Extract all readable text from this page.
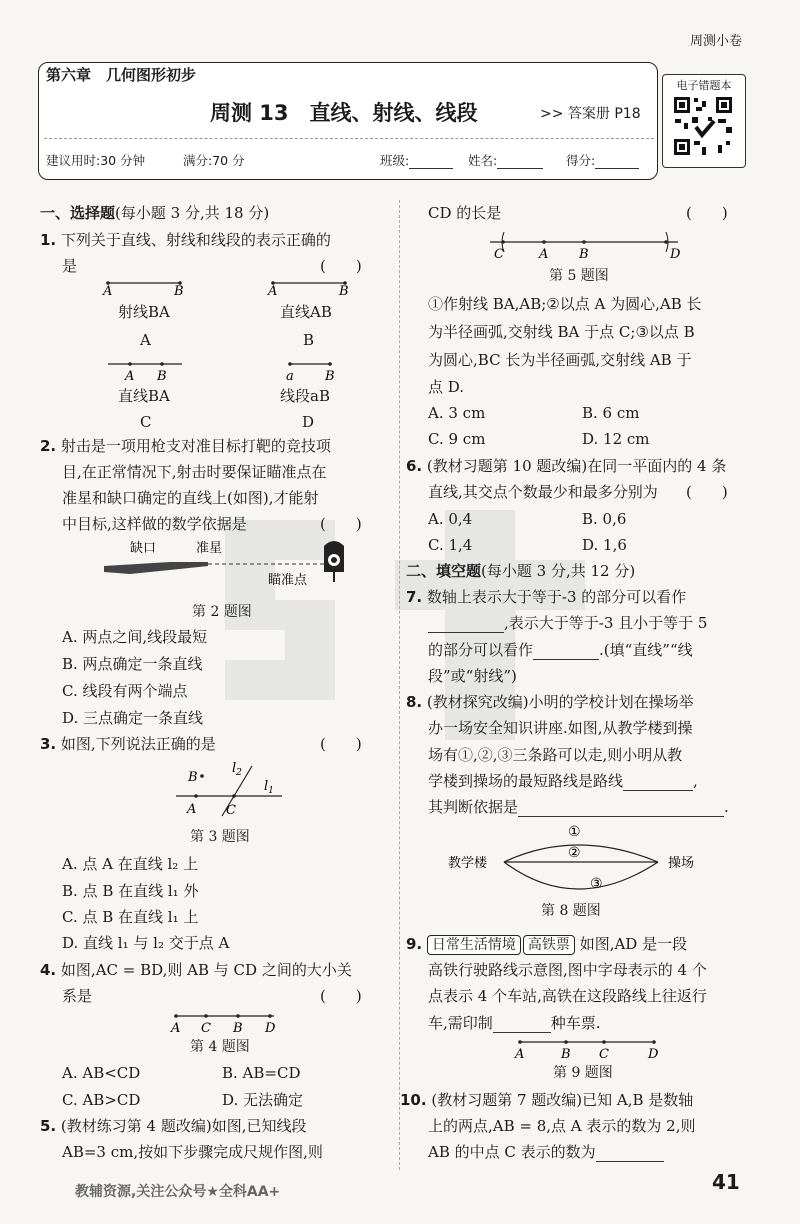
周测小卷
第六章　几何图形初步
周测 13　直线、射线、线段	>> 答案册 P18
建议用时:30 分钟	满分:70 分	班级:	姓名:	得分:
电子错题本
一、选择题(每小题 3 分,共 18 分)
1. 下列关于直线、射线和线段的表示正确的
是	(　　)
A	B
射线BA
A
A	B
直线AB
B
A B
直线BA
C
a B
线段aB
D
2. 射击是一项用枪支对准目标打靶的竞技项
目,在正常情况下,射击时要保证瞄准点在
准星和缺口确定的直线上(如图),才能射
中目标,这样做的数学依据是	(　　)
缺口	准星
瞄准点
第 2 题图
A. 两点之间,线段最短
B. 两点确定一条直线
C. 线段有两个端点
D. 三点确定一条直线
3. 如图,下列说法正确的是	(　　)
B
A C
$l_2$
$l_1$
第 3 题图
A. 点 A 在直线 l₂ 上
B. 点 B 在直线 l₁ 外
C. 点 B 在直线 l₁ 上
D. 直线 l₁ 与 l₂ 交于点 A
4. 如图,AC = BD,则 AB 与 CD 之间的大小关
系是	(　　)
A C B D
第 4 题图
A. AB<CD	B. AB=CD
C. AB>CD	D. 无法确定
5. (教材练习第 4 题改编)如图,已知线段
AB=3 cm,按如下步骤完成尺规作图,则
CD 的长是	(　　)
C	A B	D
第 5 题图
①作射线 BA,AB;②以点 A 为圆心,AB 长
为半径画弧,交射线 BA 于点 C;③以点 B
为圆心,BC 长为半径画弧,交射线 AB 于
点 D.
A. 3 cm	B. 6 cm
C. 9 cm	D. 12 cm
6. (教材习题第 10 题改编)在同一平面内的 4 条
直线,其交点个数最少和最多分别为 (　　)
A. 0,4	B. 0,6
C. 1,4	D. 1,6
二、填空题(每小题 3 分,共 12 分)
7. 数轴上表示大于等于-3 的部分可以看作
,表示大于等于-3 且小于等于 5
的部分可以看作	.(填“直线”“线
段”或“射线”)
8. (教材探究改编)小明的学校计划在操场举
办一场安全知识讲座.如图,从教学楼到操
场有①,②,③三条路可以走,则小明从教
学楼到操场的最短路线是路线	,
其判断依据是	.
教学楼	操场
①
②
③
第 8 题图
9. 日常生活情境 高铁票 如图,AD 是一段
高铁行驶路线示意图,图中字母表示的 4 个
点表示 4 个车站,高铁在这段路线上往返行
车,需印制	种车票.
A	B C	D
第 9 题图
10. (教材习题第 7 题改编)已知 A,B 是数轴
上的两点,AB = 8,点 A 表示的数为 2,则
AB 的中点 C 表示的数为
教辅资源,关注公众号★全科AA+	41
